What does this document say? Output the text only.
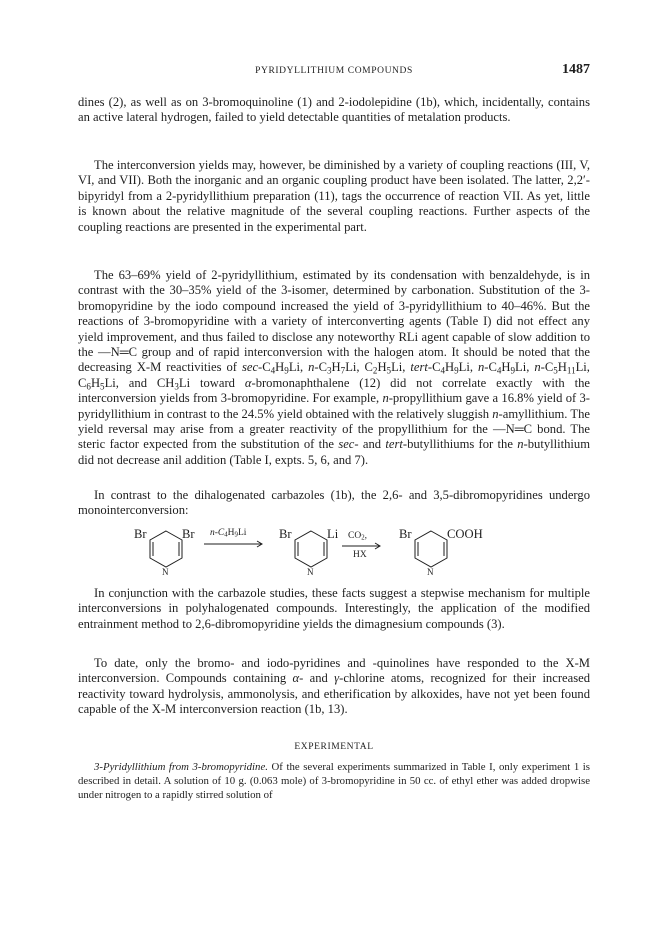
PYRIDYLLITHIUM COMPOUNDS	1487

dines (2), as well as on 3-bromoquinoline (1) and 2-iodolepidine (1b), which, incidentally, contains an active lateral hydrogen, failed to yield detectable quantities of metalation products.

The interconversion yields may, however, be diminished by a variety of coupling reactions (III, V, VI, and VII). Both the inorganic and an organic coupling product have been isolated. The latter, 2,2′-bipyridyl from a 2-pyridyllithium preparation (11), tags the occurrence of reaction VII. As yet, little is known about the relative magnitude of the several coupling reactions. Further aspects of the coupling reactions are presented in the experimental part.

The 63–69% yield of 2-pyridyllithium, estimated by its condensation with benzaldehyde, is in contrast with the 30–35% yield of the 3-isomer, determined by carbonation. Substitution of the 3-bromopyridine by the iodo compound increased the yield of 3-pyridyllithium to 40–46%. But the reactions of 3-bromopyridine with a variety of interconverting agents (Table I) did not effect any yield improvement, and thus failed to disclose any noteworthy RLi agent capable of slow addition to the —N═C group and of rapid interconversion with the halogen atom. It should be noted that the decreasing X-M reactivities of $\sec-C_4H_9Li$, $n-C_3H_7Li$, $C_2H_5Li$, tert-$C_4H_9Li$, $n-C_4H_9Li$, $n-C_5H_{11}Li$, $C_6H_5Li$, and $CH_3Li$ toward α-bromonaphthalene (12) did not correlate exactly with the interconversion yields from 3-bromopyridine. For example, n-propyllithium gave a 16.8% yield of 3-pyridyllithium in contrast to the 24.5% yield obtained with the relatively sluggish n-amyllithium. The yield reversal may arise from a greater reactivity of the propyllithium for the —N═C bond. The steric factor expected from the substitution of the sec- and tert-butyllithiums for the n-butyllithium did not decrease anil addition (Table I, expts. 5, 6, and 7).

In contrast to the dihalogenated carbazoles (1b), the 2,6- and 3,5-dibromopyridines undergo monointerconversion:

Br	Br
N
$n-C_4H_9Li$	Br	Li
N
$CO_2$,
HX
Br	COOH
N

In conjunction with the carbazole studies, these facts suggest a stepwise mechanism for multiple interconversions in polyhalogenated compounds. Interestingly, the application of the modified entrainment method to 2,6-dibromopyridine yields the dimagnesium compounds (3).

To date, only the bromo- and iodo-pyridines and -quinolines have responded to the X-M interconversion. Compounds containing α- and γ-chlorine atoms, recognized for their increased reactivity toward hydrolysis, ammonolysis, and etherification by alkoxides, have not yet been found capable of the X-M interconversion reaction (1b, 13).

EXPERIMENTAL

3-Pyridyllithium from 3-bromopyridine. Of the several experiments summarized in Table I, only experiment 1 is described in detail. A solution of 10 g. (0.063 mole) of 3-bromopyridine in 50 cc. of ethyl ether was added dropwise under nitrogen to a rapidly stirred solution of
